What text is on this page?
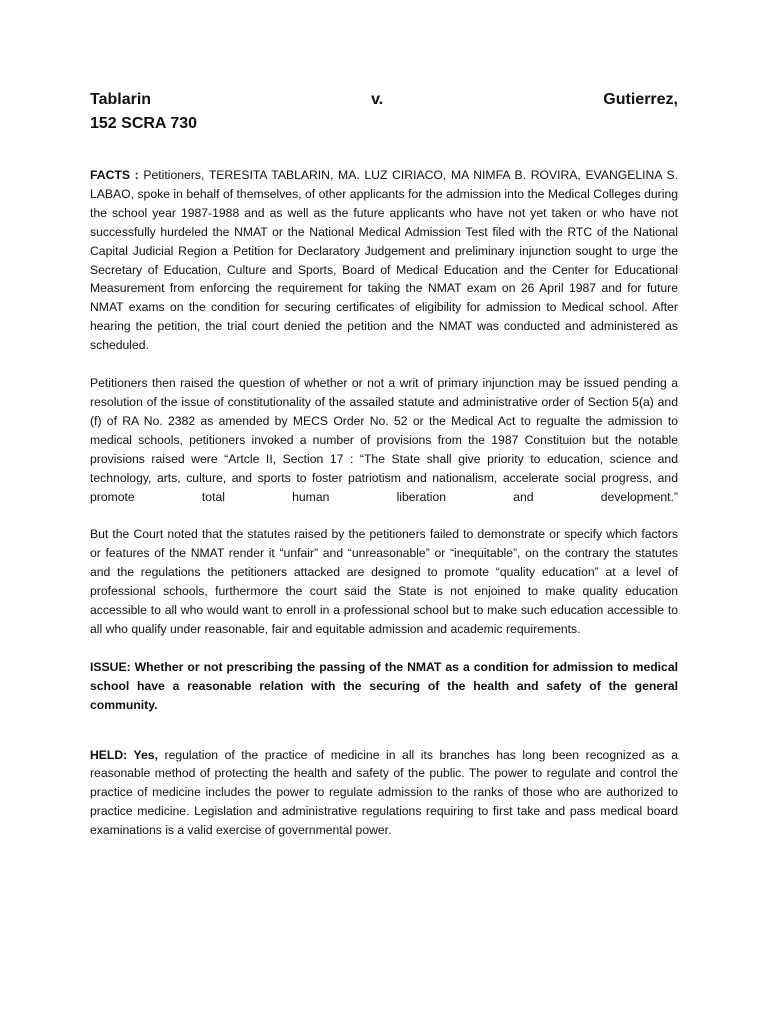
Tablarin	v.	Gutierrez,
152 SCRA 730

FACTS : Petitioners, TERESITA TABLARIN, MA. LUZ CIRIACO, MA NIMFA B. ROVIRA, EVANGELINA S. LABAO, spoke in behalf of themselves, of other applicants for the admission into the Medical Colleges during the school year 1987-1988 and as well as the future applicants who have not yet taken or who have not successfully hurdeled the NMAT or the National Medical Admission Test filed with the RTC of the National Capital Judicial Region a Petition for Declaratory Judgement and preliminary injunction sought to urge the Secretary of Education, Culture and Sports, Board of Medical Education and the Center for Educational Measurement from enforcing the requirement for taking the NMAT exam on 26 April 1987 and for future NMAT exams on the condition for securing certificates of eligibility for admission to Medical school. After hearing the petition, the trial court denied the petition and the NMAT was conducted and administered as scheduled.

Petitioners then raised the question of whether or not a writ of primary injunction may be issued pending a resolution of the issue of constitutionality of the assailed statute and administrative order of Section 5(a) and (f) of RA No. 2382 as amended by MECS Order No. 52 or the Medical Act to regualte the admission to medical schools, petitioners invoked a number of provisions from the 1987 Constituion but the notable provisions raised were “Artcle II, Section 17 : “The State shall give priority to education, science and technology, arts, culture, and sports to foster patriotism and nationalism, accelerate social progress, and promote total human liberation and development.”

But the Court noted that the statutes raised by the petitioners failed to demonstrate or specify which factors or features of the NMAT render it “unfair” and “unreasonable” or “inequitable”, on the contrary the statutes and the regulations the petitioners attacked are designed to promote “quality education” at a level of professional schools, furthermore the court said the State is not enjoined to make quality education accessible to all who would want to enroll in a professional school but to make such education accessible to all who qualify under reasonable, fair and equitable admission and academic requirements.

ISSUE: Whether or not prescribing the passing of the NMAT as a condition for admission to medical school have a reasonable relation with the securing of the health and safety of the general community.

HELD: Yes, regulation of the practice of medicine in all its branches has long been recognized as a reasonable method of protecting the health and safety of the public. The power to regulate and control the practice of medicine includes the power to regulate admission to the ranks of those who are authorized to practice medicine. Legislation and administrative regulations requiring to first take and pass medical board examinations is a valid exercise of governmental power.
